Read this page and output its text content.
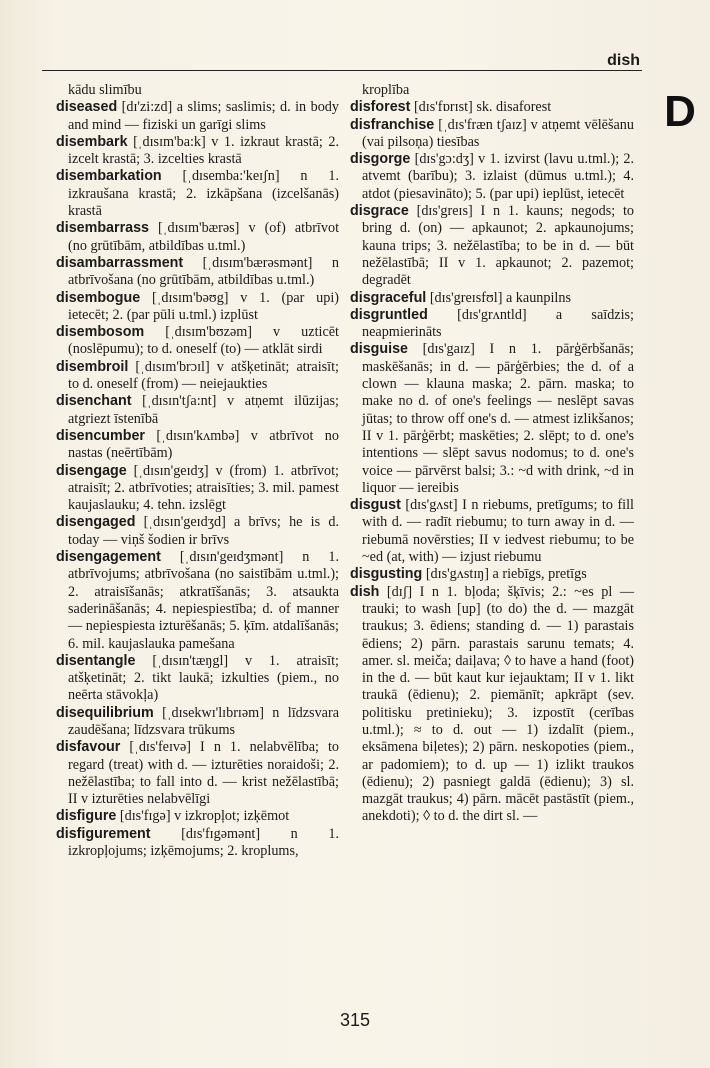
dish
D

kādu slimību

diseased [dɪ'zi:zd] a slims; saslimis; d. in body and mind — fiziski un garīgi slims

disembark [ˌdɪsɪm'ba:k] v 1. izkraut krastā; 2. izcelt krastā; 3. izcelties krastā

disembarkation [ˌdɪsemba:'keɪʃn] n 1. izkraušana krastā; 2. izkāpšana (izcelšanās) krastā

disembarrass [ˌdɪsɪm'bærəs] v (of) atbrīvot (no grūtībām, atbildības u.tml.)

disambarrassment [ˌdɪsɪm'bærəsmənt] n atbrīvošana (no grūtībām, atbildības u.tml.)

disembogue [ˌdɪsɪm'bəʊg] v 1. (par upi) ietecēt; 2. (par pūli u.tml.) izplūst

disembosom [ˌdɪsɪm'bʊzəm] v uzticēt (noslēpumu); to d. oneself (to) — atklāt sirdi

disembroil [ˌdɪsɪm'brɔɪl] v atšķetināt; atraisīt; to d. oneself (from) — neiejaukties

disenchant [ˌdɪsɪn'tʃa:nt] v atņemt ilūzijas; atgriezt īstenībā

disencumber [ˌdɪsɪn'kʌmbə] v atbrīvot no nastas (neērtībām)

disengage [ˌdɪsɪn'geɪdʒ] v (from) 1. atbrīvot; atraisīt; 2. atbrīvoties; atraisīties; 3. mil. pamest kaujaslauku; 4. tehn. izslēgt

disengaged [ˌdɪsɪn'geɪdʒd] a brīvs; he is d. today — viņš šodien ir brīvs

disengagement [ˌdɪsɪn'geɪdʒmənt] n 1. atbrīvojums; atbrīvošana (no saistībām u.tml.); 2. atraisīšanās; atkratīšanās; 3. atsaukta saderināšanās; 4. nepiespiestība; d. of manner — nepiespiesta izturēšanās; 5. ķīm. atdalīšanās; 6. mil. kaujaslauka pamešana

disentangle [ˌdɪsɪn'tæŋgl] v 1. atraisīt; atšķetināt; 2. tikt laukā; izkulties (piem., no neērta stāvokļa)

disequilibrium [ˌdɪsekwɪ'lɪbrɪəm] n līdzsvara zaudēšana; līdzsvara trūkums

disfavour [ˌdɪs'feɪvə] I n 1. nelabvēlība; to regard (treat) with d. — izturēties noraidoši; 2. nežēlastība; to fall into d. — krist nežēlastībā; II v izturēties nelabvēlīgi

disfigure [dɪs'fɪgə] v izkropļot; izķēmot

disfigurement [dɪs'fɪgəmənt] n 1. izkropļojums; izķēmojums; 2. kroplums,

kroplība

disforest [dɪs'fɒrɪst] sk. disaforest

disfranchise [ˌdɪs'fræn tʃaɪz] v atņemt vēlēšanu (vai pilsoņa) tiesības

disgorge [dɪs'gɔ:dʒ] v 1. izvirst (lavu u.tml.); 2. atvemt (barību); 3. izlaist (dūmus u.tml.); 4. atdot (piesavināto); 5. (par upi) ieplūst, ietecēt

disgrace [dɪs'greɪs] I n 1. kauns; negods; to bring d. (on) — apkaunot; 2. apkaunojums; kauna trips; 3. nežēlastība; to be in d. — būt nežēlastībā; II v 1. apkaunot; 2. pazemot; degradēt

disgraceful [dɪs'greɪsfʊl] a kaunpilns

disgruntled [dɪs'grʌntld] a saīdzis; neapmierināts

disguise [dɪs'gaɪz] I n 1. pārģērbšanās; maskēšanās; in d. — pārģērbies; the d. of a clown — klauna maska; 2. pārn. maska; to make no d. of one's feelings — neslēpt savas jūtas; to throw off one's d. — atmest izlikšanos; II v 1. pārģērbt; maskēties; 2. slēpt; to d. one's intentions — slēpt savus nodomus; to d. one's voice — pārvērst balsi; 3.: ~d with drink, ~d in liquor — iereibis

disgust [dɪs'gʌst] I n riebums, pretīgums; to fill with d. — radīt riebumu; to turn away in d. — riebumā novērsties; II v iedvest riebumu; to be ~ed (at, with) — izjust riebumu

disgusting [dɪs'gʌstɪŋ] a riebīgs, pretīgs

dish [dɪʃ] I n 1. bļoda; šķīvis; 2.: ~es pl — trauki; to wash [up] (to do) the d. — mazgāt traukus; 3. ēdiens; standing d. — 1) parastais ēdiens; 2) pārn. parastais sarunu temats; 4. amer. sl. meiča; daiļava; ◊ to have a hand (foot) in the d. — būt kaut kur iejauktam; II v 1. likt traukā (ēdienu); 2. piemānīt; apkrāpt (sev. politisku pretinieku); 3. izpostīt (cerības u.tml.); ≈ to d. out — 1) izdalīt (piem., eksāmena biļetes); 2) pārn. neskopoties (piem., ar padomiem); to d. up — 1) izlikt traukos (ēdienu); 2) pasniegt galdā (ēdienu); 3) sl. mazgāt traukus; 4) pārn. mācēt pastāstīt (piem., anekdoti); ◊ to d. the dirt sl. —

315
